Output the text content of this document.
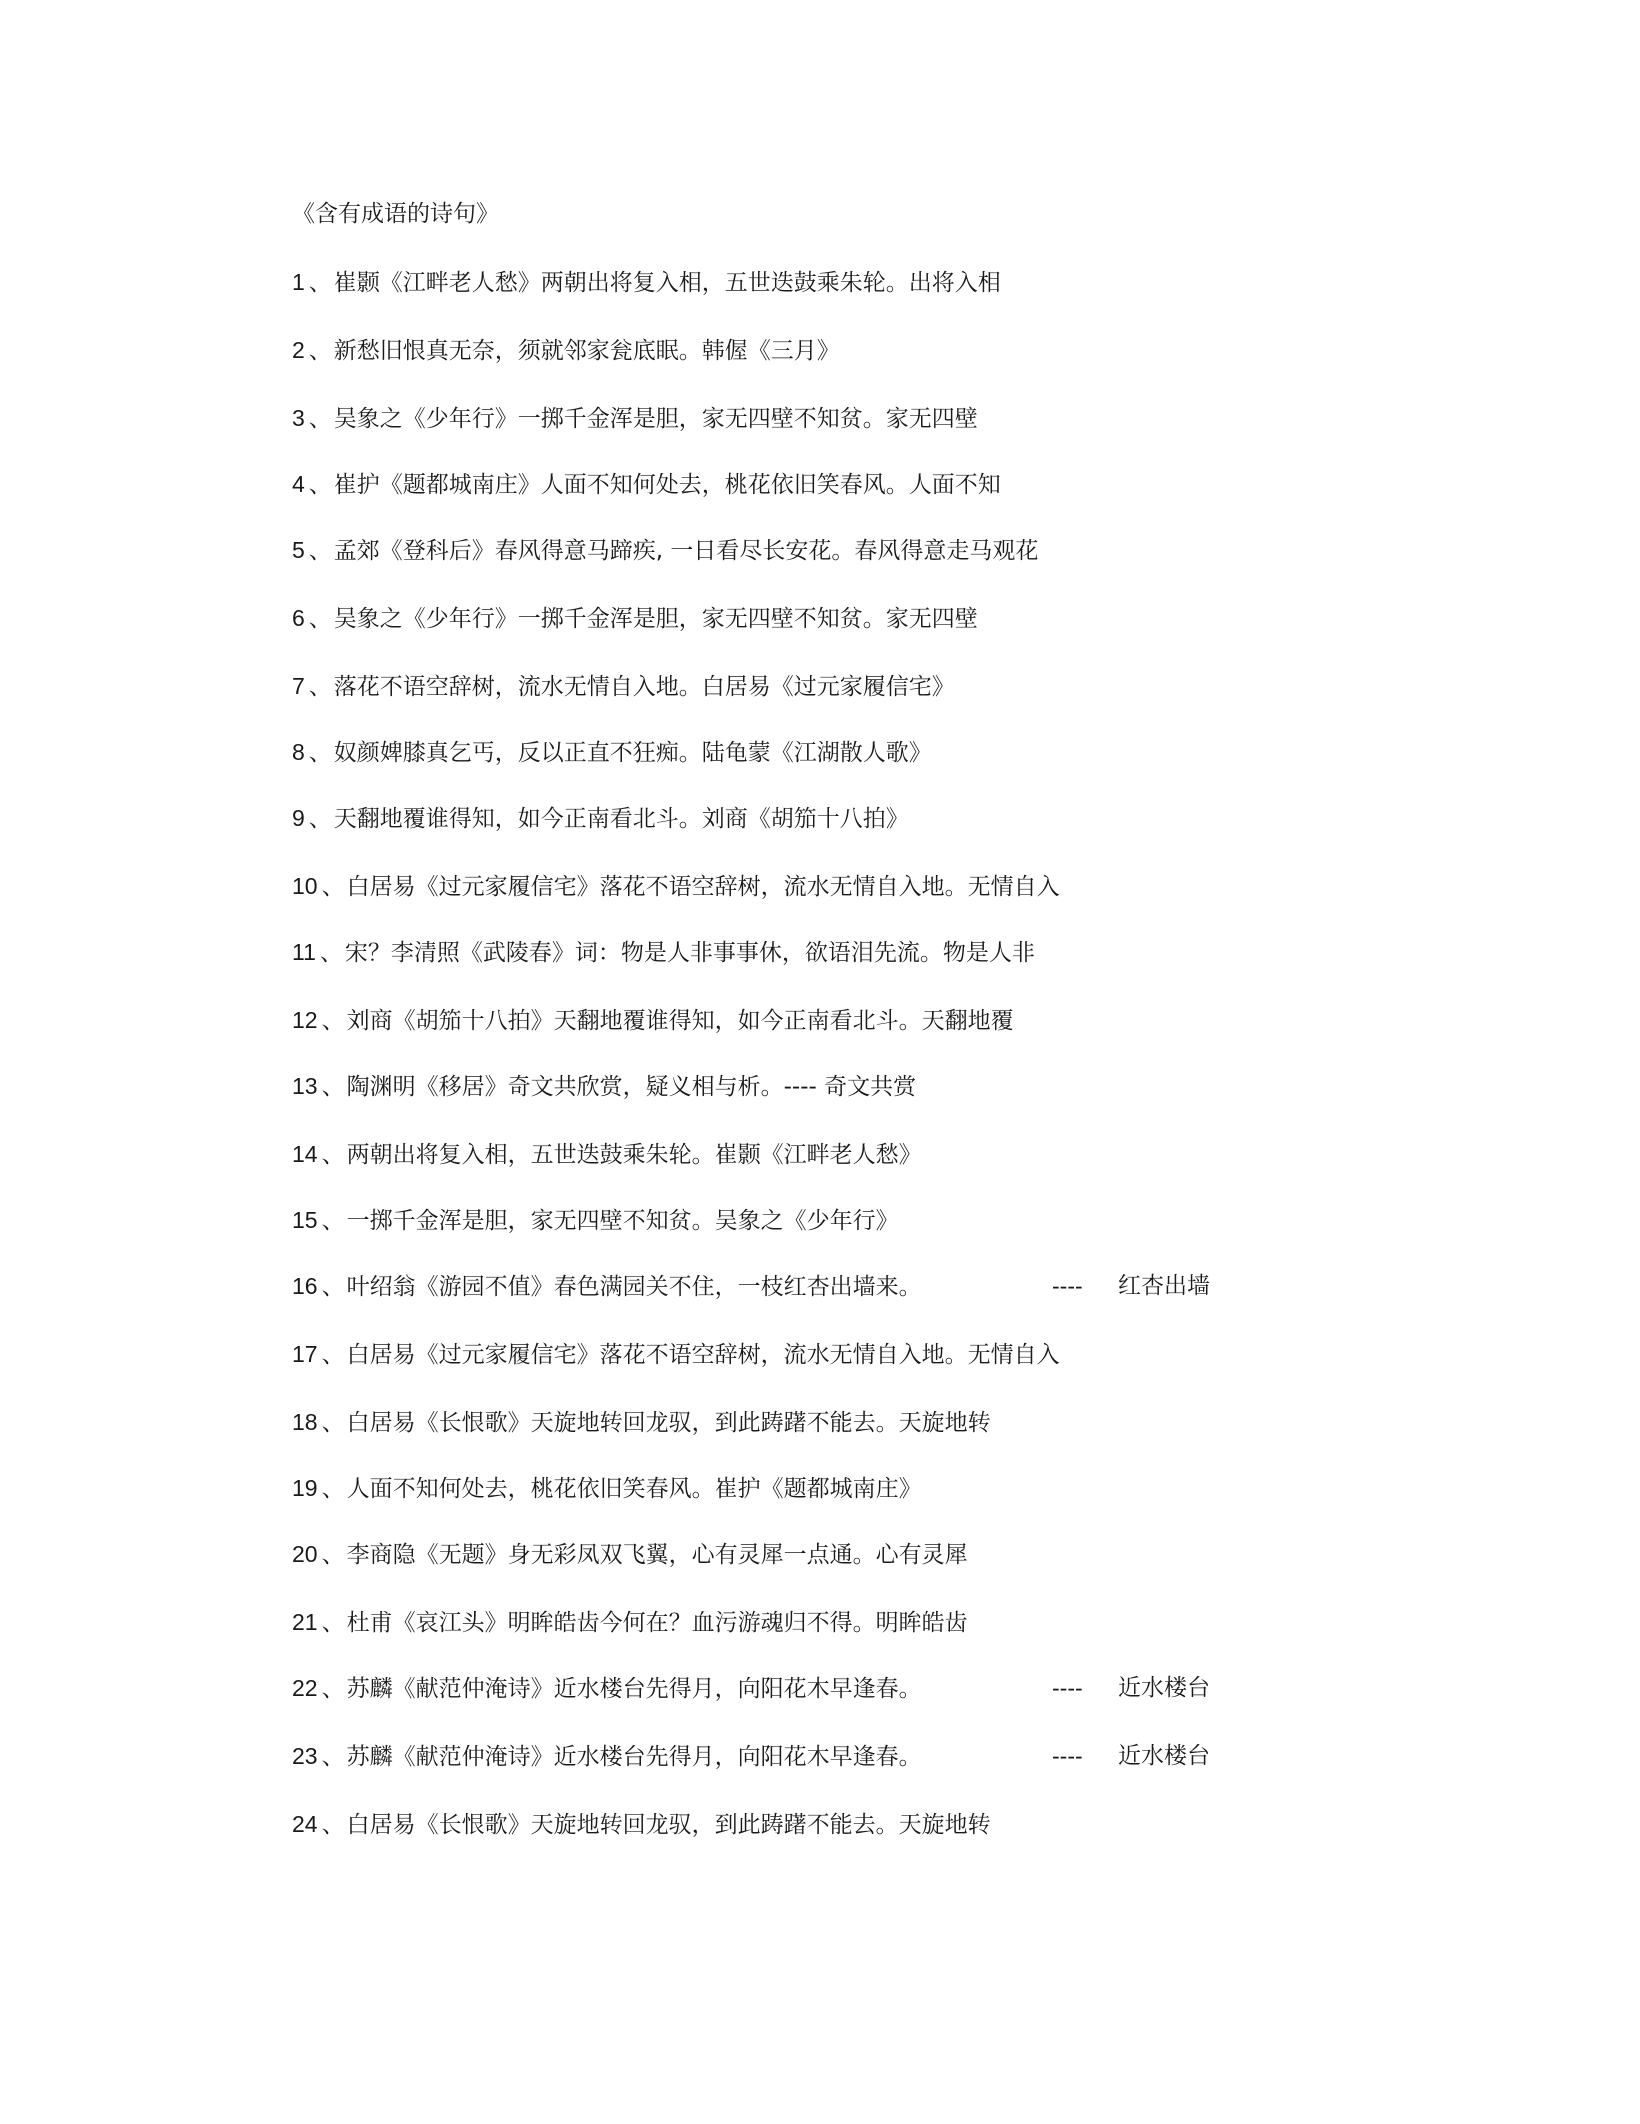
《含有成语的诗句》
1 、崔颢《江畔老人愁》两朝出将复入相，五世迭鼓乘朱轮。出将入相
2 、新愁旧恨真无奈，须就邻家瓮底眠。韩偓《三月》
3 、吴象之《少年行》一掷千金浑是胆，家无四壁不知贫。家无四壁
4 、崔护《题都城南庄》人面不知何处去，桃花依旧笑春风。人面不知
5 、孟郊《登科后》春风得意马蹄疾, 一日看尽长安花。春风得意走马观花
6 、吴象之《少年行》一掷千金浑是胆，家无四壁不知贫。家无四壁
7 、落花不语空辞树，流水无情自入地。白居易《过元家履信宅》
8 、奴颜婢膝真乞丐，反以正直不狂痴。陆龟蒙《江湖散人歌》
9 、天翻地覆谁得知，如今正南看北斗。刘商《胡笳十八拍》
10 、白居易《过元家履信宅》落花不语空辞树，流水无情自入地。无情自入
11 、宋？李清照《武陵春》词：物是人非事事休，欲语泪先流。物是人非
12 、刘商《胡笳十八拍》天翻地覆谁得知，如今正南看北斗。天翻地覆
13 、陶渊明《移居》奇文共欣赏，疑义相与析。---- 奇文共赏
14 、两朝出将复入相，五世迭鼓乘朱轮。崔颢《江畔老人愁》
15 、一掷千金浑是胆，家无四壁不知贫。吴象之《少年行》
16 、叶绍翁《游园不值》春色满园关不住，一枝红杏出墙来。	---- 红杏出墙
17 、白居易《过元家履信宅》落花不语空辞树，流水无情自入地。无情自入
18 、白居易《长恨歌》天旋地转回龙驭，到此踌躇不能去。天旋地转
19 、人面不知何处去，桃花依旧笑春风。崔护《题都城南庄》
20 、李商隐《无题》身无彩凤双飞翼，心有灵犀一点通。心有灵犀
21 、杜甫《哀江头》明眸皓齿今何在？血污游魂归不得。明眸皓齿
22 、苏麟《献范仲淹诗》近水楼台先得月，向阳花木早逢春。	---- 近水楼台
23 、苏麟《献范仲淹诗》近水楼台先得月，向阳花木早逢春。	---- 近水楼台
24 、白居易《长恨歌》天旋地转回龙驭，到此踌躇不能去。天旋地转
